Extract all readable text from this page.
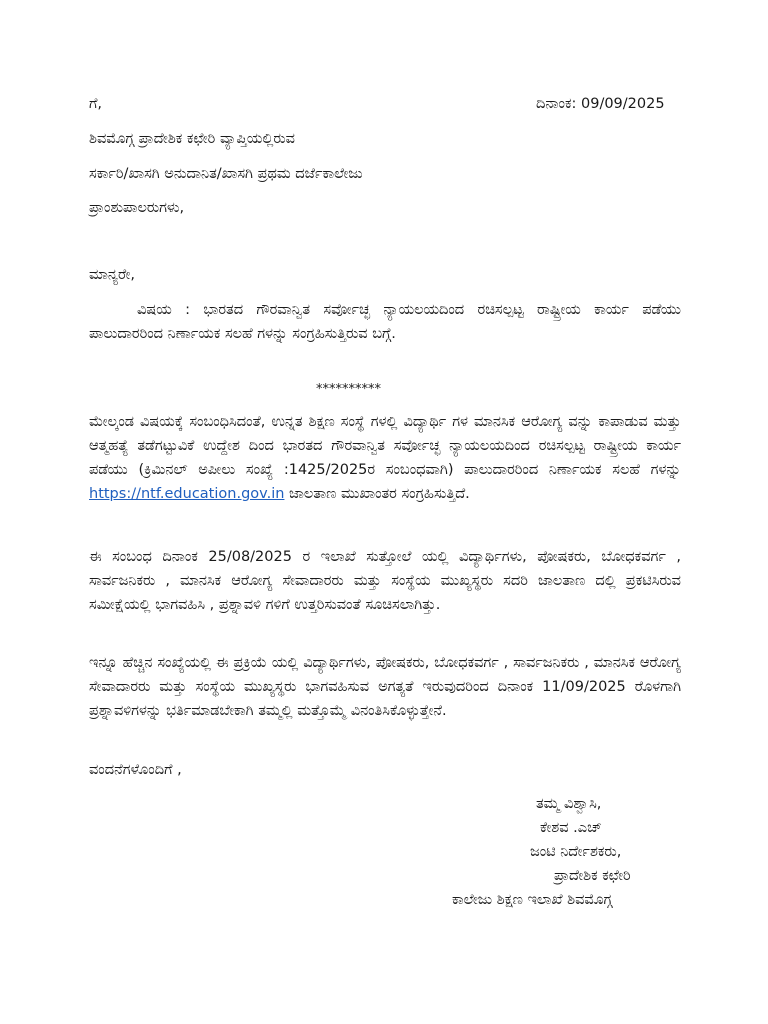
ಗೆ,	ದಿನಾಂಕ: 09/09/2025
ಶಿವಮೊಗ್ಗ ಪ್ರಾದೇಶಿಕ ಕಛೇರಿ ವ್ಯಾಪ್ತಿಯಲ್ಲಿರುವ
ಸರ್ಕಾರಿ/ಖಾಸಗಿ ಅನುದಾನಿತ/ಖಾಸಗಿ ಪ್ರಥಮ ದರ್ಜೆಕಾಲೇಜು
ಪ್ರಾಂಶುಪಾಲರುಗಳು,
ಮಾನ್ಯರೇ,
ವಿಷಯ : ಭಾರತದ ಗೌರವಾನ್ವಿತ ಸರ್ವೋಚ್ಛ ನ್ಯಾಯಲಯದಿಂದ ರಚಿಸಲ್ಪಟ್ಟ ರಾಷ್ಟ್ರೀಯ ಕಾರ್ಯ ಪಡೆಯು ಪಾಲುದಾರರಿಂದ ನಿರ್ಣಾಯಕ ಸಲಹೆ ಗಳನ್ನು ಸಂಗ್ರಹಿಸುತ್ತಿರುವ ಬಗ್ಗೆ.
**********
ಮೇಲ್ಕಂಡ ವಿಷಯಕ್ಕೆ ಸಂಬಂಧಿಸಿದಂತೆ, ಉನ್ನತ ಶಿಕ್ಷಣ ಸಂಸ್ಥೆ ಗಳಲ್ಲಿ ವಿದ್ಯಾರ್ಥಿ ಗಳ ಮಾನಸಿಕ ಆರೋಗ್ಯ ವನ್ನು ಕಾಪಾಡುವ ಮತ್ತು ಆತ್ಮಹತ್ಯೆ ತಡೆಗಟ್ಟುವಿಕೆ ಉದ್ದೇಶ ದಿಂದ ಭಾರತದ ಗೌರವಾನ್ವಿತ ಸರ್ವೋಚ್ಛ ನ್ಯಾಯಲಯದಿಂದ ರಚಿಸಲ್ಪಟ್ಟ ರಾಷ್ಟ್ರೀಯ ಕಾರ್ಯ ಪಡೆಯು (ಕ್ರಿಮಿನಲ್ ಅಪೀಲು ಸಂಖ್ಯೆ :1425/2025ರ ಸಂಬಂಧವಾಗಿ) ಪಾಲುದಾರರಿಂದ ನಿರ್ಣಾಯಕ ಸಲಹೆ ಗಳನ್ನು https://ntf.education.gov.in ಜಾಲತಾಣ ಮುಖಾಂತರ ಸಂಗ್ರಹಿಸುತ್ತಿದೆ.
ಈ ಸಂಬಂಧ ದಿನಾಂಕ 25/08/2025 ರ ಇಲಾಖೆ ಸುತ್ತೋಲೆ ಯಲ್ಲಿ ವಿದ್ಯಾರ್ಥಿಗಳು, ಪೋಷಕರು, ಬೋಧಕವರ್ಗ , ಸಾರ್ವಜನಿಕರು , ಮಾನಸಿಕ ಆರೋಗ್ಯ ಸೇವಾದಾರರು ಮತ್ತು ಸಂಸ್ಥೆಯ ಮುಖ್ಯಸ್ಥರು ಸದರಿ ಜಾಲತಾಣ ದಲ್ಲಿ ಪ್ರಕಟಿಸಿರುವ ಸಮೀಕ್ಷೆಯಲ್ಲಿ ಭಾಗವಹಿಸಿ , ಪ್ರಶ್ನಾವಳಿ ಗಳಿಗೆ ಉತ್ತರಿಸುವಂತೆ ಸೂಚಿಸಲಾಗಿತ್ತು.
ಇನ್ನೂ ಹೆಚ್ಚಿನ ಸಂಖ್ಯೆಯಲ್ಲಿ ಈ ಪ್ರಕ್ರಿಯೆ ಯಲ್ಲಿ ವಿದ್ಯಾರ್ಥಿಗಳು, ಪೋಷಕರು, ಬೋಧಕವರ್ಗ , ಸಾರ್ವಜನಿಕರು , ಮಾನಸಿಕ ಆರೋಗ್ಯ ಸೇವಾದಾರರು ಮತ್ತು ಸಂಸ್ಥೆಯ ಮುಖ್ಯಸ್ಥರು ಭಾಗವಹಿಸುವ ಅಗತ್ಯತೆ ಇರುವುದರಿಂದ ದಿನಾಂಕ 11/09/2025 ರೊಳಗಾಗಿ ಪ್ರಶ್ನಾವಳಿಗಳನ್ನು ಭರ್ತಿಮಾಡಬೇಕಾಗಿ ತಮ್ಮಲ್ಲಿ ಮತ್ತೊಮ್ಮೆ ವಿನಂತಿಸಿಕೊಳ್ಳುತ್ತೇನೆ.
ವಂದನೆಗಳೊಂದಿಗೆ ,
ತಮ್ಮ ವಿಶ್ವಾಸಿ,
ಕೇಶವ .ಎಚ್
ಜಂಟಿ ನಿರ್ದೇಶಕರು,
ಪ್ರಾದೇಶಿಕ ಕಛೇರಿ
ಕಾಲೇಜು ಶಿಕ್ಷಣ ಇಲಾಖೆ ಶಿವಮೊಗ್ಗ
